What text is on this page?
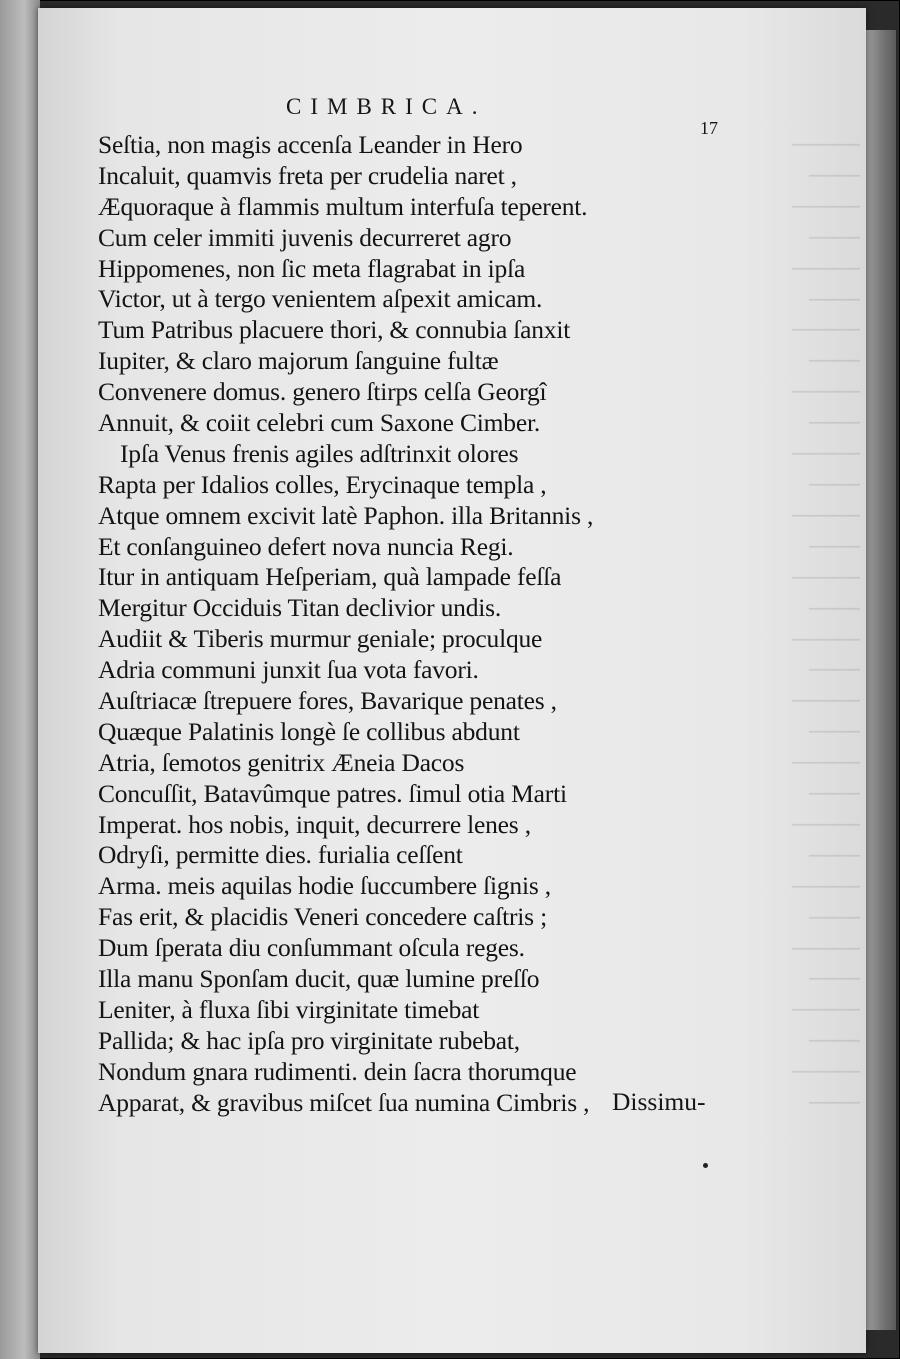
────
───
────
───
────
───
────
───
────
───
────
───
────
───
────
───
────
───
────
───
────
───
────
───
────
───
────
───
────
───
────
───
CIMBRICA.
17
Seſtia, non magis accenſa Leander in Hero
Incaluit, quamvis freta per crudelia naret ,
Æquoraque à flammis multum interfuſa teperent.
Cum celer immiti juvenis decurreret agro
Hippomenes, non ſic meta flagrabat in ipſa
Victor, ut à tergo venientem aſpexit amicam.
Tum Patribus placuere thori, & connubia ſanxit
Iupiter, & claro majorum ſanguine fultæ
Convenere domus. genero ſtirps celſa Georgî
Annuit, & coiit celebri cum Saxone Cimber.
Ipſa Venus frenis agiles adſtrinxit olores
Rapta per Idalios colles, Erycinaque templa ,
Atque omnem excivit latè Paphon. illa Britannis ,
Et conſanguineo defert nova nuncia Regi.
Itur in antiquam Heſperiam, quà lampade feſſa
Mergitur Occiduis Titan declivior undis.
Audiit & Tiberis murmur geniale; proculque
Adria communi junxit ſua vota favori.
Auſtriacæ ſtrepuere fores, Bavarique penates ,
Quæque Palatinis longè ſe collibus abdunt
Atria, ſemotos genitrix Æneia Dacos
Concuſſit, Batavûmque patres. ſimul otia Marti
Imperat. hos nobis, inquit, decurrere lenes ,
Odryſi, permitte dies. furialia ceſſent
Arma. meis aquilas hodie ſuccumbere ſignis ,
Fas erit, & placidis Veneri concedere caſtris ;
Dum ſperata diu conſummant oſcula reges.
Illa manu Sponſam ducit, quæ lumine preſſo
Leniter, à fluxa ſibi virginitate timebat
Pallida; & hac ipſa pro virginitate rubebat,
Nondum gnara rudimenti. dein ſacra thorumque
Apparat, & gravibus miſcet ſua numina Cimbris , Dissimu-
